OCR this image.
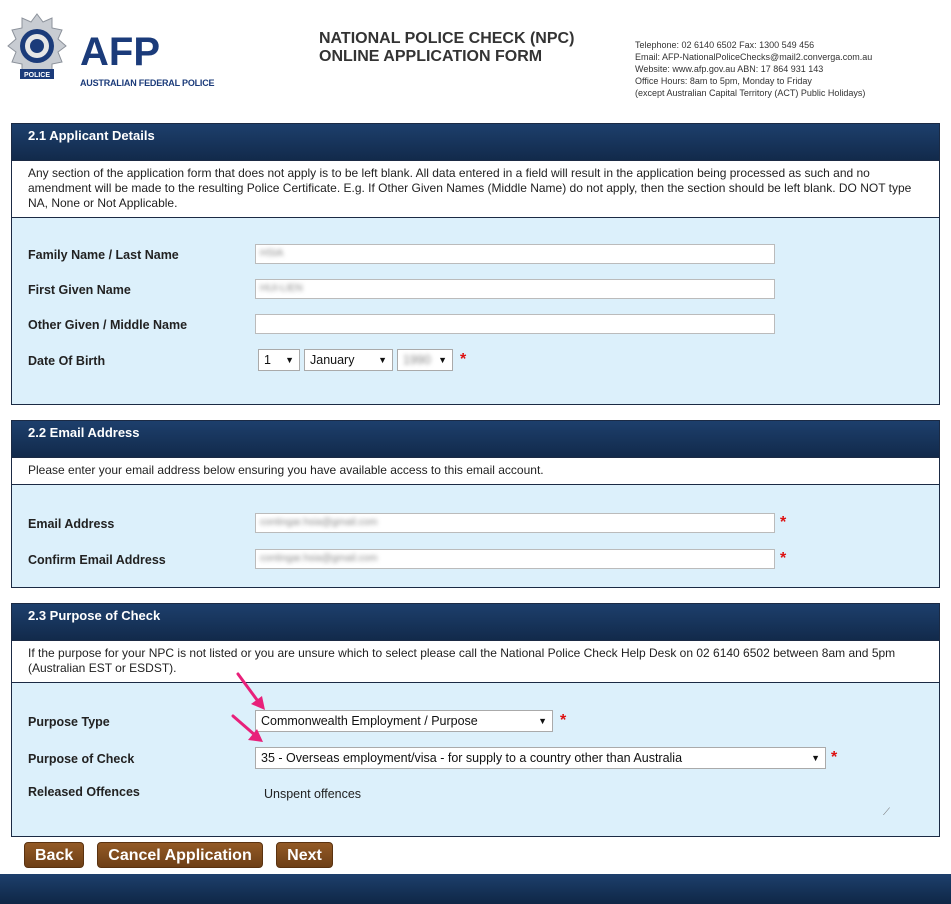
POLICE
AFP
AUSTRALIAN FEDERAL POLICE
NATIONAL POLICE CHECK (NPC)
ONLINE APPLICATION FORM
Telephone: 02 6140 6502 Fax: 1300 549 456
Email: AFP-NationalPoliceChecks@mail2.converga.com.au
Website: www.afp.gov.au ABN: 17 864 931 143
Office Hours: 8am to 5pm, Monday to Friday
(except Australian Capital Territory (ACT) Public Holidays)
2.1 Applicant Details
Any section of the application form that does not apply is to be left blank. All data entered in a field will result in the application being processed as such and no amendment will be made to the resulting Police Certificate. E.g. If Other Given Names (Middle Name) do not apply, then the section should be left blank. DO NOT type NA, None or Not Applicable.
Family Name / Last Name	HSIA
First Given Name	HUI-LIEN
Other Given / Middle Name
Date Of Birth	1 ▼	January	▼	1990 ▼ *
2.2 Email Address
Please enter your email address below ensuring you have available access to this email account.
Email Address	contingar.hsia@gmail.com	*
Confirm Email Address	contingar.hsia@gmail.com	*
2.3 Purpose of Check
If the purpose for your NPC is not listed or you are unsure which to select please call the National Police Check Help Desk on 02 6140 6502 between 8am and 5pm (Australian EST or ESDST).
Purpose Type	Commonwealth Employment / Purpose	▼ *
Purpose of Check	35 - Overseas employment/visa - for supply to a country other than Australia	▼ *
Released Offences	Unspent offences
⟋
Back	Cancel Application	Next
